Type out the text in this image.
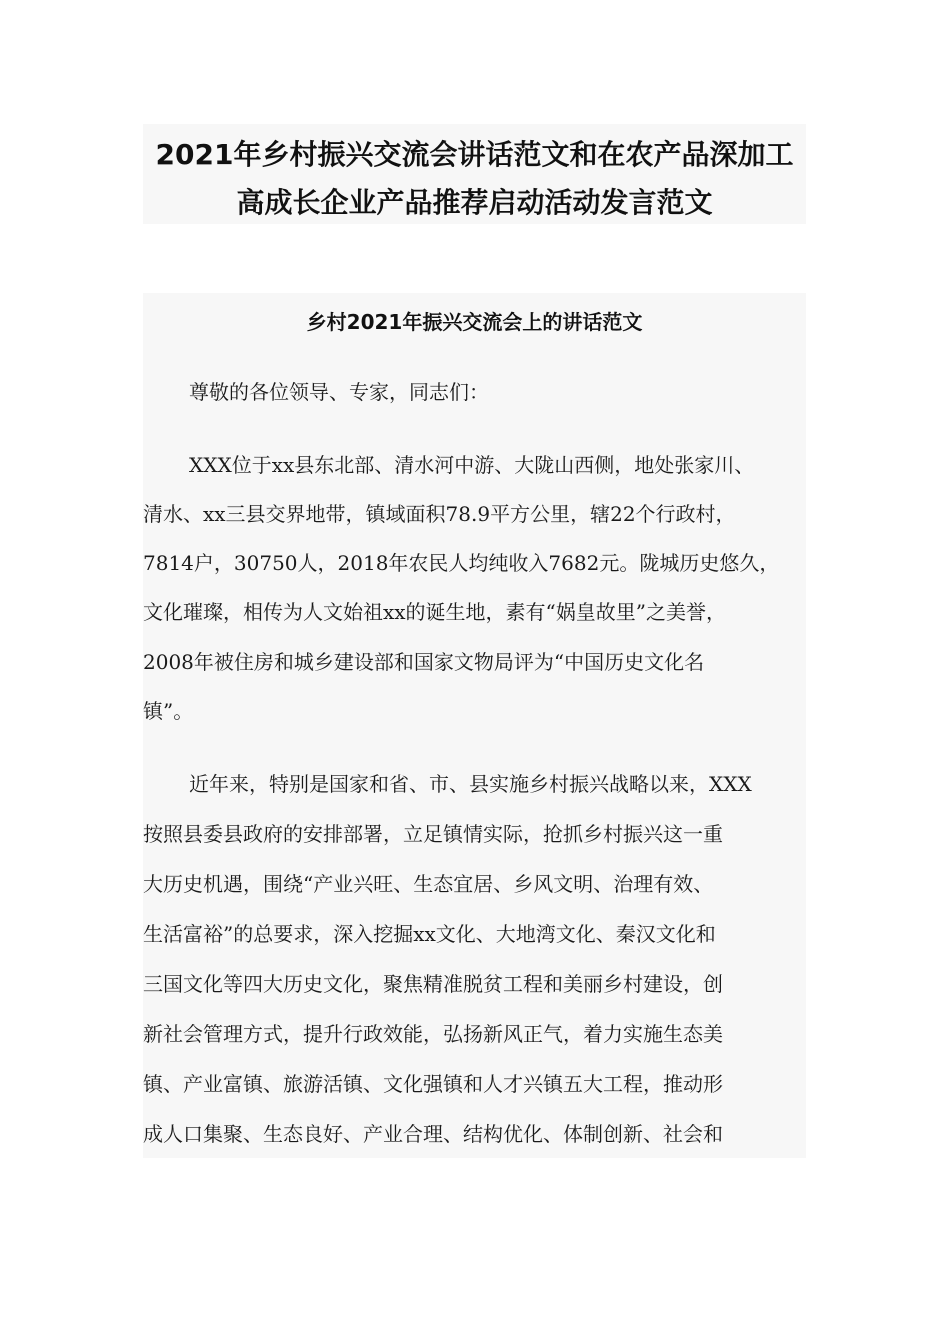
2021年乡村振兴交流会讲话范文和在农产品深加工
高成长企业产品推荐启动活动发言范文
乡村2021年振兴交流会上的讲话范文
尊敬的各位领导、专家，同志们：
XXX位于xx县东北部、清水河中游、大陇山西侧，地处张家川、
清水、xx三县交界地带，镇域面积78.9平方公里，辖22个行政村，
7814户，30750人，2018年农民人均纯收入7682元。陇城历史悠久，
文化璀璨，相传为人文始祖xx的诞生地，素有“娲皇故里”之美誉，
2008年被住房和城乡建设部和国家文物局评为“中国历史文化名
镇”。
近年来，特别是国家和省、市、县实施乡村振兴战略以来，XXX
按照县委县政府的安排部署，立足镇情实际，抢抓乡村振兴这一重
大历史机遇，围绕“产业兴旺、生态宜居、乡风文明、治理有效、
生活富裕”的总要求，深入挖掘xx文化、大地湾文化、秦汉文化和
三国文化等四大历史文化，聚焦精准脱贫工程和美丽乡村建设，创
新社会管理方式，提升行政效能，弘扬新风正气，着力实施生态美
镇、产业富镇、旅游活镇、文化强镇和人才兴镇五大工程，推动形
成人口集聚、生态良好、产业合理、结构优化、体制创新、社会和
